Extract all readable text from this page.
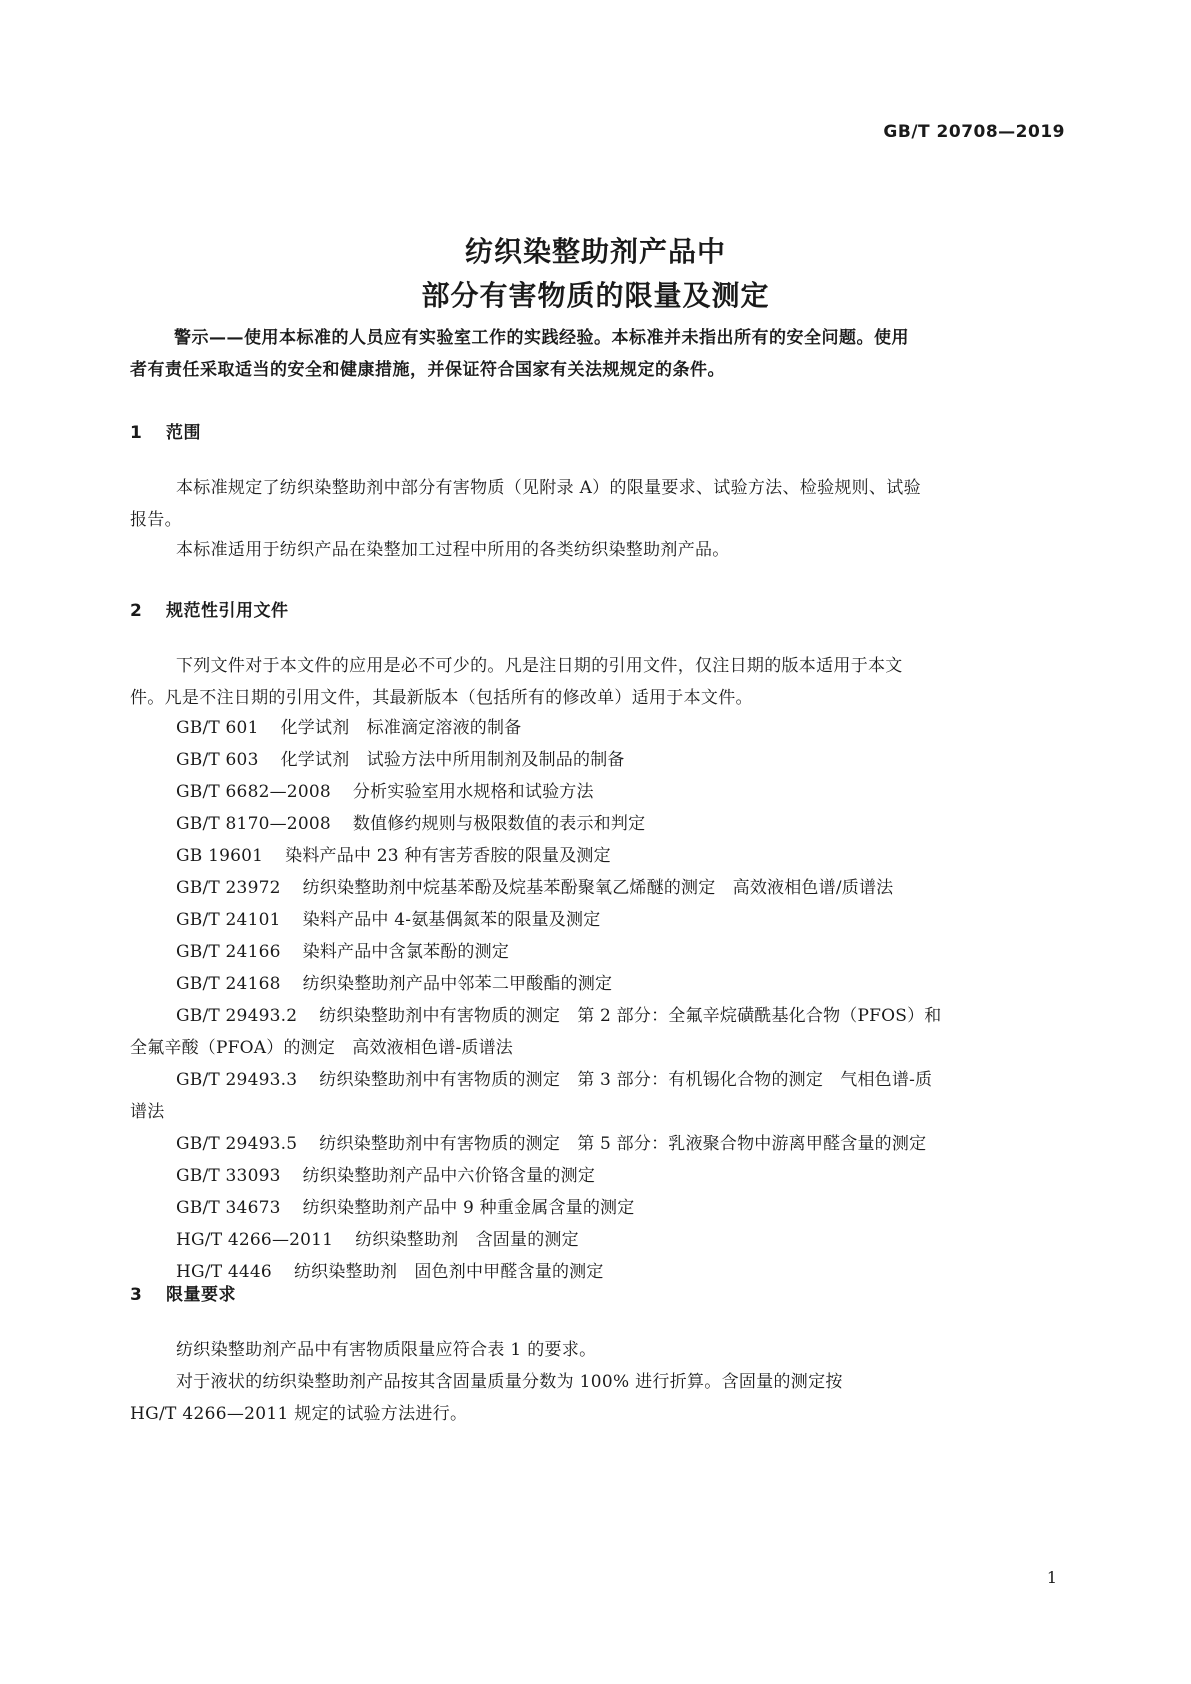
GB/T 20708—2019
纺织染整助剂产品中
部分有害物质的限量及测定
警示——使用本标准的人员应有实验室工作的实践经验。本标准并未指出所有的安全问题。使用
者有责任采取适当的安全和健康措施，并保证符合国家有关法规规定的条件。
1 范围
本标准规定了纺织染整助剂中部分有害物质（见附录 A）的限量要求、试验方法、检验规则、试验
报告。
本标准适用于纺织产品在染整加工过程中所用的各类纺织染整助剂产品。
2 规范性引用文件
下列文件对于本文件的应用是必不可少的。凡是注日期的引用文件，仅注日期的版本适用于本文
件。凡是不注日期的引用文件，其最新版本（包括所有的修改单）适用于本文件。
GB/T 601 化学试剂　标准滴定溶液的制备
GB/T 603 化学试剂　试验方法中所用制剂及制品的制备
GB/T 6682—2008 分析实验室用水规格和试验方法
GB/T 8170—2008 数值修约规则与极限数值的表示和判定
GB 19601 染料产品中 23 种有害芳香胺的限量及测定
GB/T 23972 纺织染整助剂中烷基苯酚及烷基苯酚聚氧乙烯醚的测定　高效液相色谱/质谱法
GB/T 24101 染料产品中 4-氨基偶氮苯的限量及测定
GB/T 24166 染料产品中含氯苯酚的测定
GB/T 24168 纺织染整助剂产品中邻苯二甲酸酯的测定
GB/T 29493.2 纺织染整助剂中有害物质的测定　第 2 部分：全氟辛烷磺酰基化合物（PFOS）和
全氟辛酸（PFOA）的测定　高效液相色谱-质谱法
GB/T 29493.3 纺织染整助剂中有害物质的测定　第 3 部分：有机锡化合物的测定　气相色谱-质
谱法
GB/T 29493.5 纺织染整助剂中有害物质的测定　第 5 部分：乳液聚合物中游离甲醛含量的测定
GB/T 33093 纺织染整助剂产品中六价铬含量的测定
GB/T 34673 纺织染整助剂产品中 9 种重金属含量的测定
HG/T 4266—2011 纺织染整助剂　含固量的测定
HG/T 4446 纺织染整助剂　固色剂中甲醛含量的测定
3 限量要求
纺织染整助剂产品中有害物质限量应符合表 1 的要求。
对于液状的纺织染整助剂产品按其含固量质量分数为 100% 进行折算。含固量的测定按
HG/T 4266—2011 规定的试验方法进行。
1
